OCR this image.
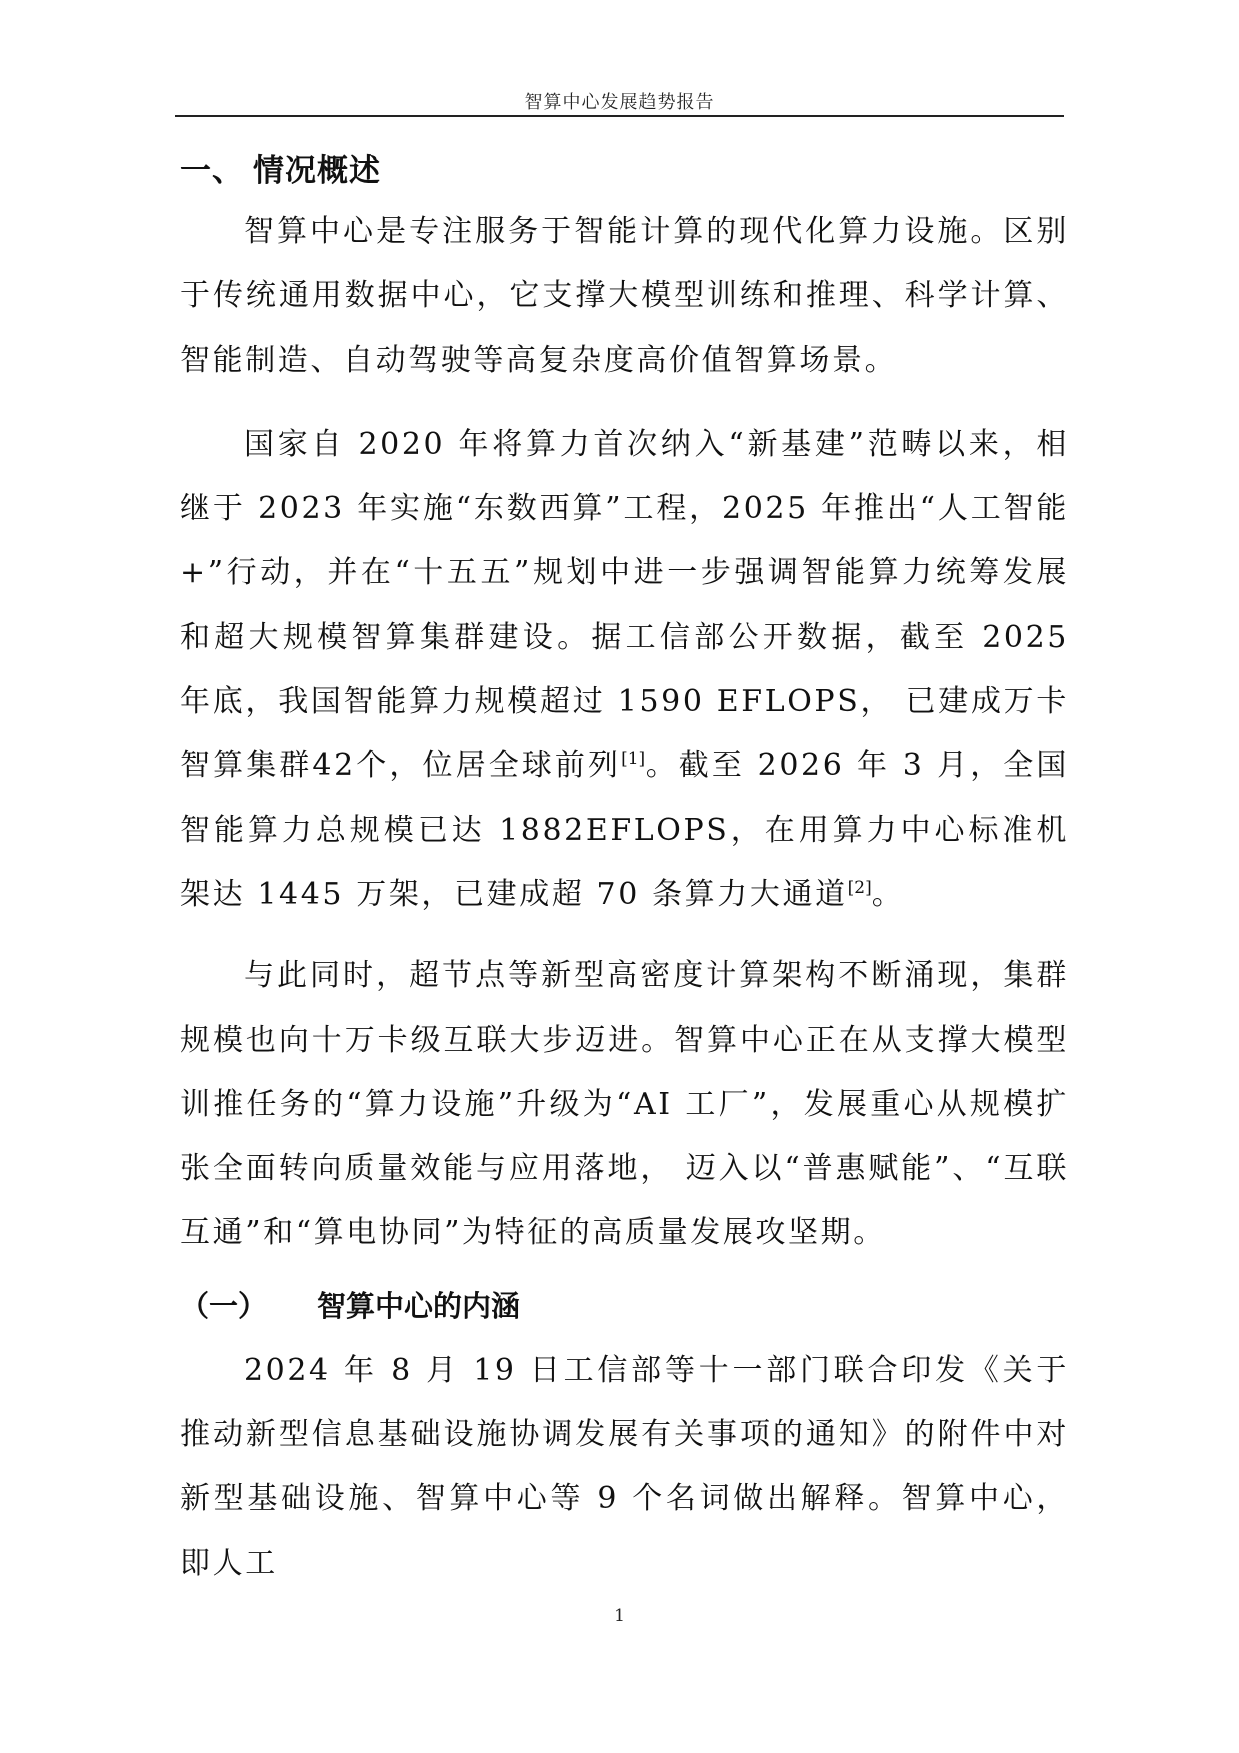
智算中心发展趋势报告
一、 情况概述

智算中心是专注服务于智能计算的现代化算力设施。区别于传统通用数据中心，它支撑大模型训练和推理、科学计算、智能制造、自动驾驶等高复杂度高价值智算场景。

国家自 2020 年将算力首次纳入“新基建”范畴以来，相继于 2023 年实施“东数西算”工程，2025 年推出“人工智能+”行动，并在“十五五”规划中进一步强调智能算力统筹发展和超大规模智算集群建设。据工信部公开数据，截至 2025 年底，我国智能算力规模超过 1590 EFLOPS， 已建成万卡智算集群42个，位居全球前列[1]。截至 2026 年 3 月，全国智能算力总规模已达 1882EFLOPS，在用算力中心标准机架达 1445 万架，已建成超 70 条算力大通道[2]。

与此同时，超节点等新型高密度计算架构不断涌现，集群规模也向十万卡级互联大步迈进。智算中心正在从支撑大模型训推任务的“算力设施”升级为“AI 工厂”，发展重心从规模扩张全面转向质量效能与应用落地， 迈入以“普惠赋能”、“互联互通”和“算电协同”为特征的高质量发展攻坚期。

（一） 智算中心的内涵

2024 年 8 月 19 日工信部等十一部门联合印发《关于推动新型信息基础设施协调发展有关事项的通知》的附件中对新型基础设施、智算中心等 9 个名词做出解释。智算中心，即人工

1
